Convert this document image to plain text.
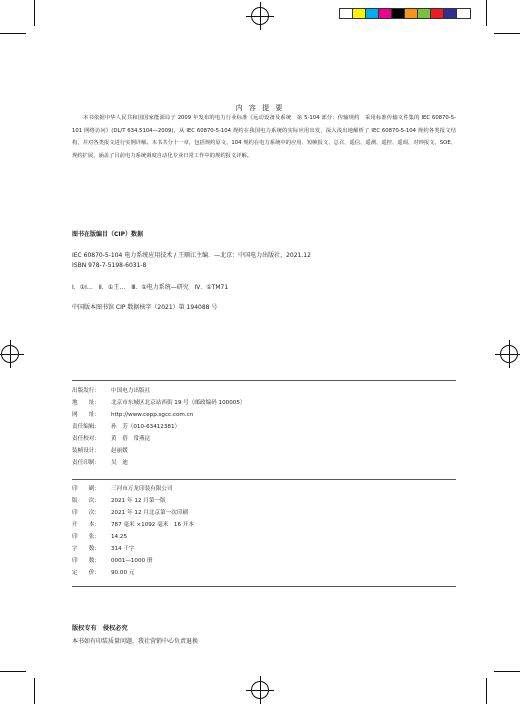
内 容 提 要
本书依据中华人民共和国国家能源局于 2009 年发布的电力行业标准《远动设备及系统　第 5-104 部分：传输规约　采用标准传输文件集的 IEC 60870-5-101 网络访问》(DL/T 634.5104—2009)，从 IEC 60870-5-104 规约在我国电力系统的实际应用出发，深入浅出地解析了 IEC 60870-5-104 规约各类报文结构，并对各类报文进行实例详解。本书共分十一章，包括规约原文、104 规约在电力系统中的应用、短帧报文、总召、遥信、遥测、遥控、遥调、对钟报文、SOE、规约扩展，涵盖了目前电力系统调度自动化专业日常工作中的规约报文详解。
图书在版编目（CIP）数据
IEC 60870-5-104 电力系统应用技术 / 王顺江主编．—北京：中国电力出版社，2021.12
ISBN 978-7-5198-6031-8
Ⅰ．①Ⅰ…　Ⅱ．①王…　Ⅲ．①电力系统—研究　Ⅳ．①TM71
中国版本图书馆 CIP 数据核字（2021）第 194088 号
出版发行： 中国电力出版社
地　　址： 北京市东城区北京站西街 19 号（邮政编码 100005）
网　　址： http://www.cepp.sgcc.com.cn
责任编辑： 孙　芳（010-63412381）
责任校对： 黄　蓓　常燕昆
装帧设计： 赵丽媛
责任印制： 吴　迪
印　　刷： 三河市万龙印装有限公司
版　　次： 2021 年 12 月第一版
印　　次： 2021 年 12 月北京第一次印刷
开　　本： 787 毫米 ×1092 毫米　16 开本
印　　张： 14.25
字　　数： 314 千字
印　　数： 0001—1000 册
定　　价： 90.00 元
版权专有　侵权必究
本书如有印装质量问题，我社营销中心负责退换
